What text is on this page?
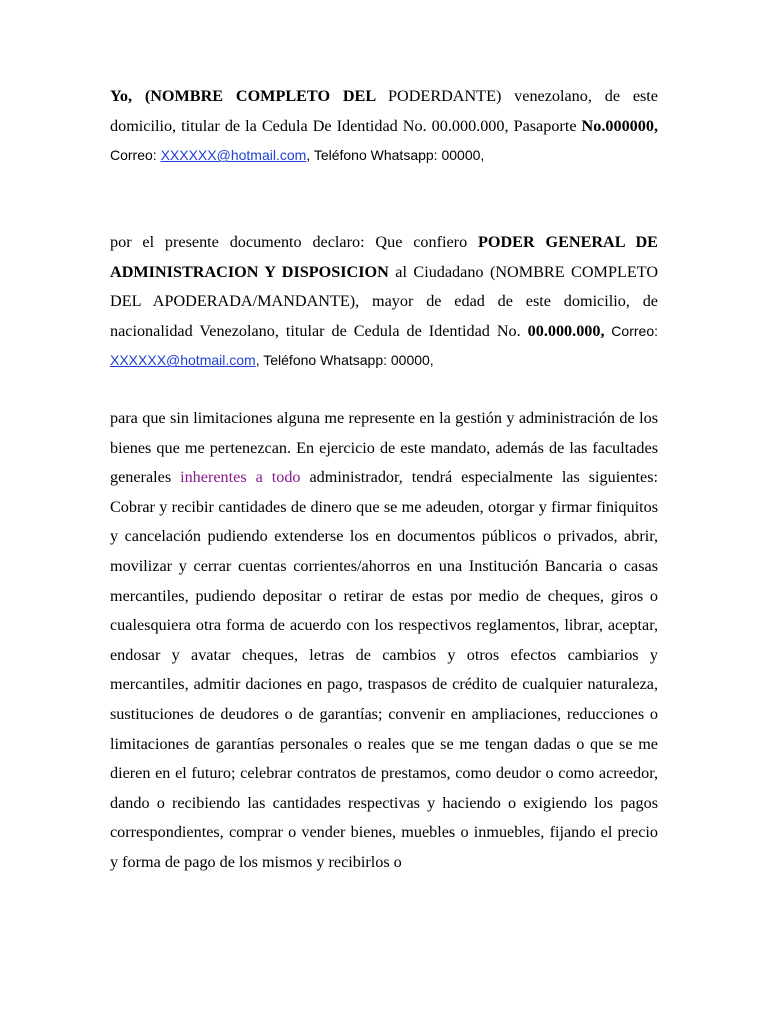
Yo, (NOMBRE COMPLETO DEL PODERDANTE) venezolano, de este domicilio, titular de la Cedula De Identidad No. 00.000.000, Pasaporte No.000000, Correo: XXXXXX@hotmail.com, Teléfono Whatsapp: 00000,

por el presente documento declaro: Que confiero PODER GENERAL DE ADMINISTRACION Y DISPOSICION al Ciudadano (NOMBRE COMPLETO DEL APODERADA/MANDANTE), mayor de edad de este domicilio, de nacionalidad Venezolano, titular de Cedula de Identidad No. 00.000.000, Correo: XXXXXX@hotmail.com, Teléfono Whatsapp: 00000,

para que sin limitaciones alguna me represente en la gestión y administración de los bienes que me pertenezcan. En ejercicio de este mandato, además de las facultades generales inherentes a todo administrador, tendrá especialmente las siguientes: Cobrar y recibir cantidades de dinero que se me adeuden, otorgar y firmar finiquitos y cancelación pudiendo extenderse los en documentos públicos o privados, abrir, movilizar y cerrar cuentas corrientes/ahorros en una Institución Bancaria o casas mercantiles, pudiendo depositar o retirar de estas por medio de cheques, giros o cualesquiera otra forma de acuerdo con los respectivos reglamentos, librar, aceptar, endosar y avatar cheques, letras de cambios y otros efectos cambiarios y mercantiles, admitir daciones en pago, traspasos de crédito de cualquier naturaleza, sustituciones de deudores o de garantías; convenir en ampliaciones, reducciones o limitaciones de garantías personales o reales que se me tengan dadas o que se me dieren en el futuro; celebrar contratos de prestamos, como deudor o como acreedor, dando o recibiendo las cantidades respectivas y haciendo o exigiendo los pagos correspondientes, comprar o vender bienes, muebles o inmuebles, fijando el precio y forma de pago de los mismos y recibirlos o
